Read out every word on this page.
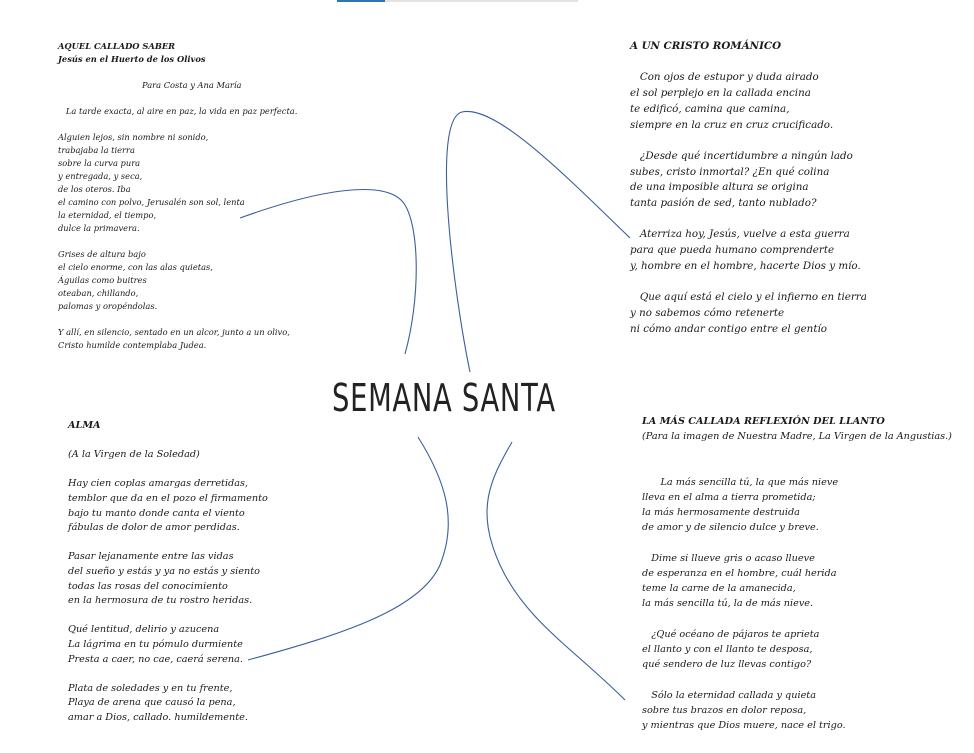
SEMANA SANTA
AQUEL CALLADO SABER
Jesús en el Huerto de los Olivos
Para Costa y Ana María
La tarde exacta, al aire en paz, la vida en paz perfecta.
Alguien lejos, sin nombre ni sonido,
trabajaba la tierra
sobre la curva pura
y entregada, y seca,
de los oteros. Iba
el camino con polvo, Jerusalén son sol, lenta
la eternidad, el tiempo,
dulce la primavera.
Grises de altura bajo
el cielo enorme, con las alas quietas,
Águilas como buitres
oteaban, chillando,
palomas y oropéndolas.
Y allí, en silencio, sentado en un alcor, junto a un olivo,
Cristo humilde contemplaba Judea.
A UN CRISTO ROMÁNICO
Con ojos de estupor y duda airado
el sol perplejo en la callada encina
te edificó, camina que camina,
siempre en la cruz en cruz crucificado.
¿Desde qué incertidumbre a ningún lado
subes, cristo inmortal? ¿En qué colina
de una imposible altura se origina
tanta pasión de sed, tanto nublado?
Aterriza hoy, Jesús, vuelve a esta guerra
para que pueda humano comprenderte
y, hombre en el hombre, hacerte Dios y mío.
Que aquí está el cielo y el infierno en tierra
y no sabemos cómo retenerte
ni cómo andar contigo entre el gentío
ALMA
(A la Virgen de la Soledad)
Hay cien coplas amargas derretidas,
temblor que da en el pozo el firmamento
bajo tu manto donde canta el viento
fábulas de dolor de amor perdidas.
Pasar lejanamente entre las vidas
del sueño y estás y ya no estás y siento
todas las rosas del conocimiento
en la hermosura de tu rostro heridas.
Qué lentitud, delirio y azucena
La lágrima en tu pómulo durmiente
Presta a caer, no cae, caerá serena.
Plata de soledades y en tu frente,
Playa de arena que causó la pena,
amar a Dios, callado. humildemente.
LA MÁS CALLADA REFLEXIÓN DEL LLANTO
(Para la imagen de Nuestra Madre, La Virgen de la Angustias.)
La más sencilla tú, la que más nieve
lleva en el alma a tierra prometida;
la más hermosamente destruida
de amor y de silencio dulce y breve.
Dime si llueve gris o acaso llueve
de esperanza en el hombre, cuál herida
teme la carne de la amanecida,
la más sencilla tú, la de más nieve.
¿Qué océano de pájaros te aprieta
el llanto y con el llanto te desposa,
qué sendero de luz llevas contigo?
Sólo la eternidad callada y quieta
sobre tus brazos en dolor reposa,
y mientras que Dios muere, nace el trigo.
